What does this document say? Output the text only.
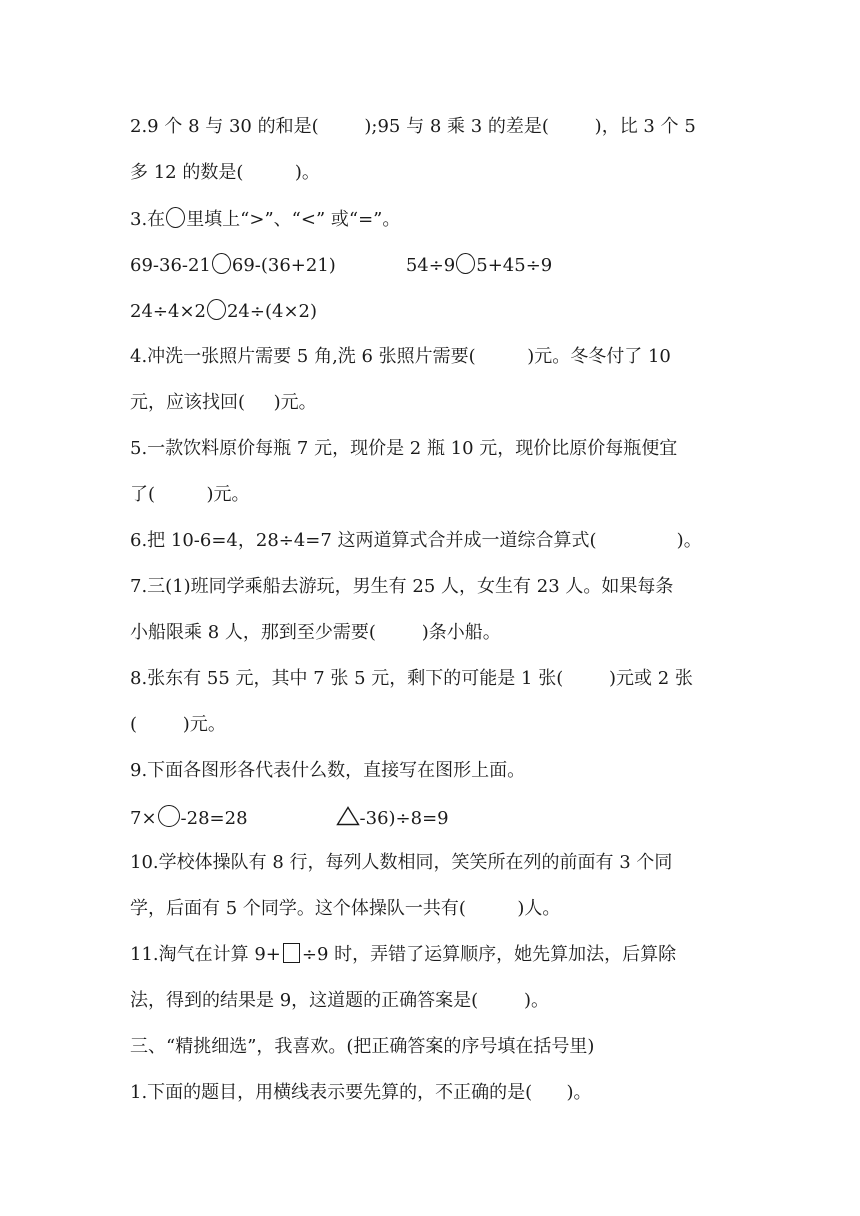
2.9 个 8 与 30 的和是(        );95 与 8 乘 3 的差是(        )，比 3 个 5
多 12 的数是(         )。
3.在 里填上“>”、“<” 或“=”。
69-36-21 69-(36+21)	54÷9 5+45÷9
24÷4×2 24÷(4×2)
4.冲洗一张照片需要 5 角,洗 6 张照片需要(         )元。冬冬付了 10
元，应该找回(     )元。
5.一款饮料原价每瓶 7 元，现价是 2 瓶 10 元，现价比原价每瓶便宜
了(         )元。
6.把 10-6=4，28÷4=7 这两道算式合并成一道综合算式(              )。
7.三(1)班同学乘船去游玩，男生有 25 人，女生有 23 人。如果每条
小船限乘 8 人，那到至少需要(        )条小船。
8.张东有 55 元，其中 7 张 5 元，剩下的可能是 1 张(        )元或 2 张
(        )元。
9.下面各图形各代表什么数，直接写在图形上面。
7× -28=28	-36)÷8=9
10.学校体操队有 8 行，每列人数相同，笑笑所在列的前面有 3 个同
学，后面有 5 个同学。这个体操队一共有(         )人。
11.淘气在计算 9+ ÷9 时，弄错了运算顺序，她先算加法，后算除
法，得到的结果是 9，这道题的正确答案是(        )。
三、“精挑细选”，我喜欢。(把正确答案的序号填在括号里)
1.下面的题目，用横线表示要先算的，不正确的是(      )。
